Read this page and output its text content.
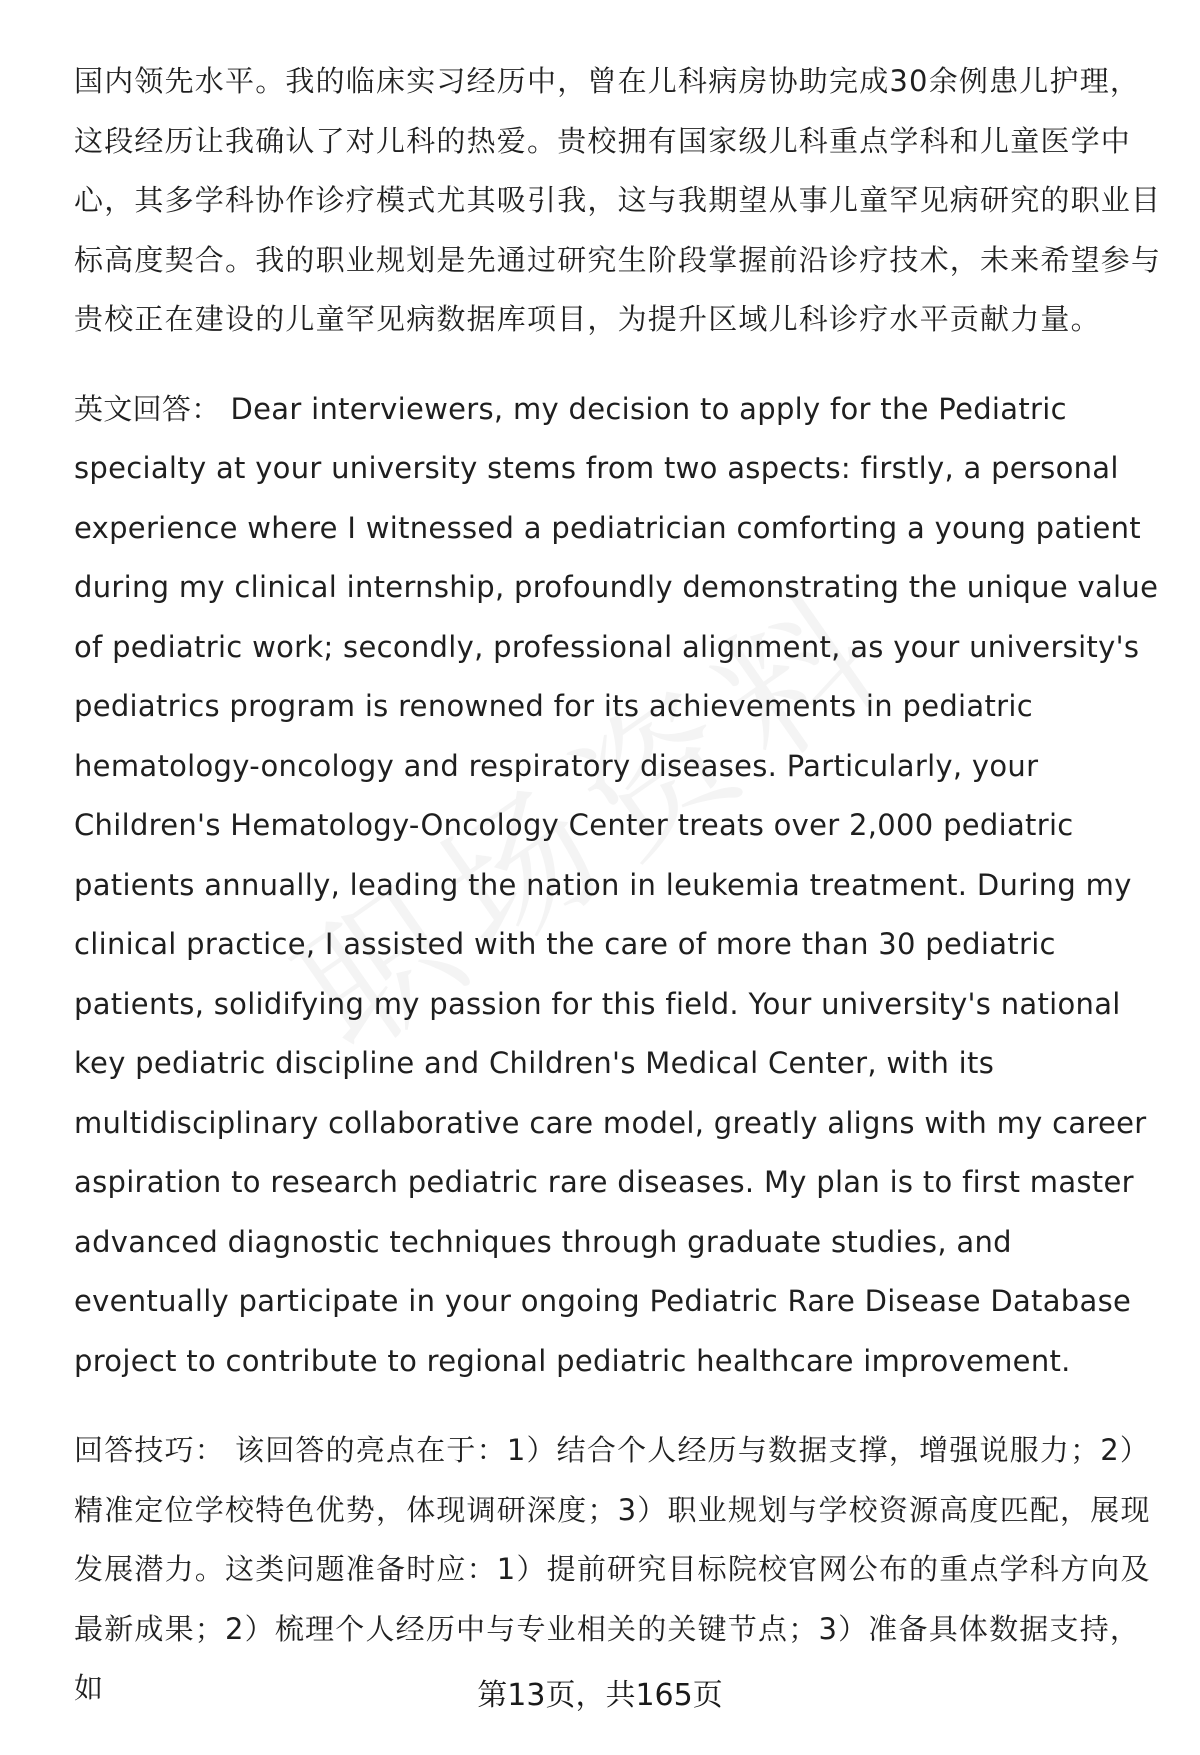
国内领先水平。我的临床实习经历中，曾在儿科病房协助完成30余例患儿护理，这段经历让我确认了对儿科的热爱。贵校拥有国家级儿科重点学科和儿童医学中心，其多学科协作诊疗模式尤其吸引我，这与我期望从事儿童罕见病研究的职业目标高度契合。我的职业规划是先通过研究生阶段掌握前沿诊疗技术，未来希望参与贵校正在建设的儿童罕见病数据库项目，为提升区域儿科诊疗水平贡献力量。

英文回答： Dear interviewers, my decision to apply for the Pediatric specialty at your university stems from two aspects: firstly, a personal experience where I witnessed a pediatrician comforting a young patient during my clinical internship, profoundly demonstrating the unique value of pediatric work; secondly, professional alignment, as your university's pediatrics program is renowned for its achievements in pediatric hematology-oncology and respiratory diseases. Particularly, your Children's Hematology-Oncology Center treats over 2,000 pediatric patients annually, leading the nation in leukemia treatment. During my clinical practice, I assisted with the care of more than 30 pediatric patients, solidifying my passion for this field. Your university's national key pediatric discipline and Children's Medical Center, with its multidisciplinary collaborative care model, greatly aligns with my career aspiration to research pediatric rare diseases. My plan is to first master advanced diagnostic techniques through graduate studies, and eventually participate in your ongoing Pediatric Rare Disease Database project to contribute to regional pediatric healthcare improvement.

回答技巧： 该回答的亮点在于：1）结合个人经历与数据支撑，增强说服力；2）精准定位学校特色优势，体现调研深度；3）职业规划与学校资源高度匹配，展现发展潜力。这类问题准备时应：1）提前研究目标院校官网公布的重点学科方向及最新成果；2）梳理个人经历中与专业相关的关键节点；3）准备具体数据支持，如	第13页，共165页
